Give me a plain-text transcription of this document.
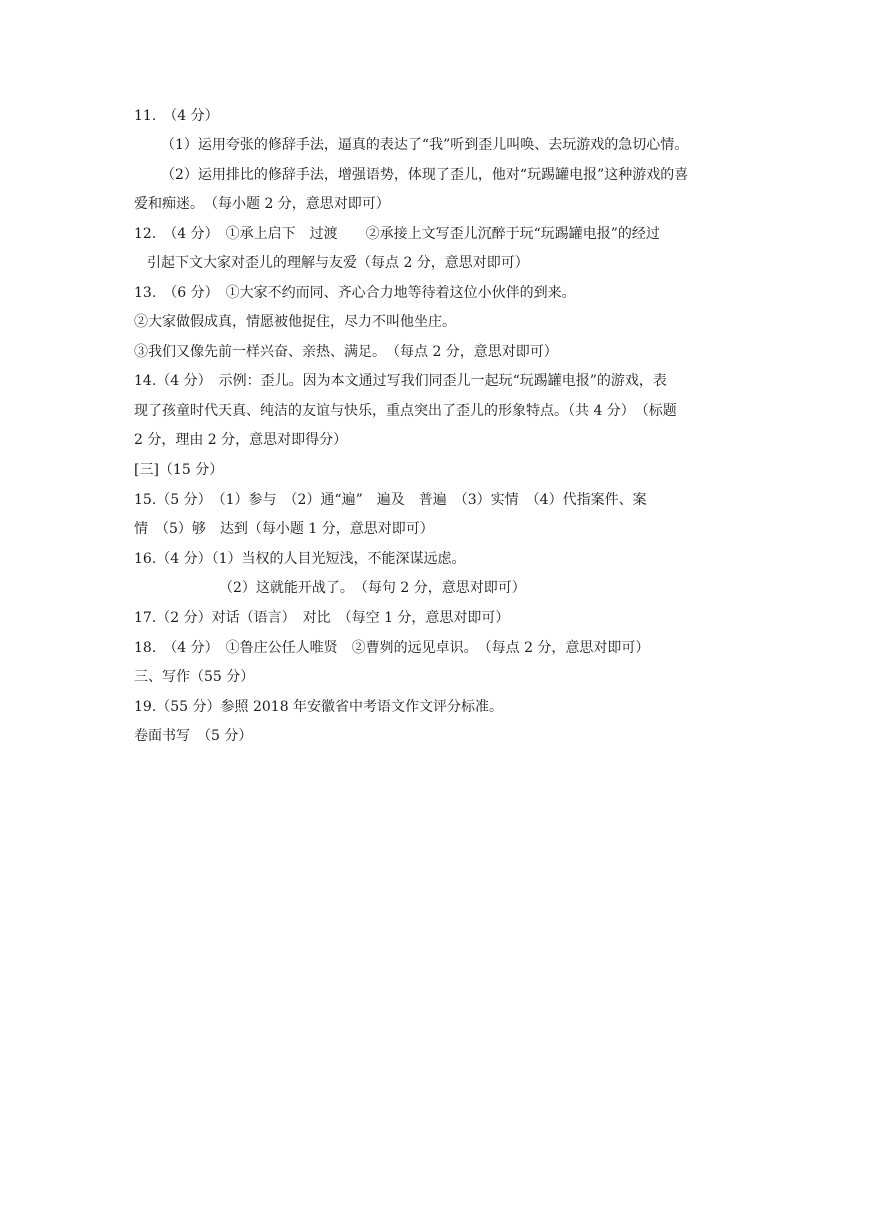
11.　（4 分）
（1）运用夸张的修辞手法，逼真的表达了“我”听到歪儿叫唤、去玩游戏的急切心情。
（2）运用排比的修辞手法，增强语势，体现了歪儿，他对“玩踢罐电报”这种游戏的喜
爱和痴迷。　（每小题 2 分，意思对即可）
12.　（4 分）　①承上启下　过渡　　②承接上文写歪儿沉醉于玩“玩踢罐电报”的经过
引起下文大家对歪儿的理解与友爱（每点 2 分，意思对即可）
13.　（6 分）　①大家不约而同、齐心合力地等待着这位小伙伴的到来。
②大家做假成真，情愿被他捉住，尽力不叫他坐庄。
③我们又像先前一样兴奋、亲热、满足。　（每点 2 分，意思对即可）
14.（4 分）　示例：歪儿。因为本文通过写我们同歪儿一起玩“玩踢罐电报”的游戏，表
现了孩童时代天真、纯洁的友谊与快乐，重点突出了歪儿的形象特点。（共 4 分）　（标题
2 分，理由 2 分，意思对即得分）
[三]（15 分）
15.（5 分）　（1）参与　（2）通“遍”　遍及　普遍　（3）实情　（4）代指案件、案
情　（5）够　达到（每小题 1 分，意思对即可）
16.（4 分）（1）当权的人目光短浅，不能深谋远虑。
（2）这就能开战了。　（每句 2 分，意思对即可）
17.（2 分）对话（语言）　对比　（每空 1 分，意思对即可）
18.　（4 分）　①鲁庄公任人唯贤　②曹刿的远见卓识。　（每点 2 分，意思对即可）
三、写作（55 分）
19.（55 分）参照 2018 年安徽省中考语文作文评分标准。
卷面书写　（5 分）
